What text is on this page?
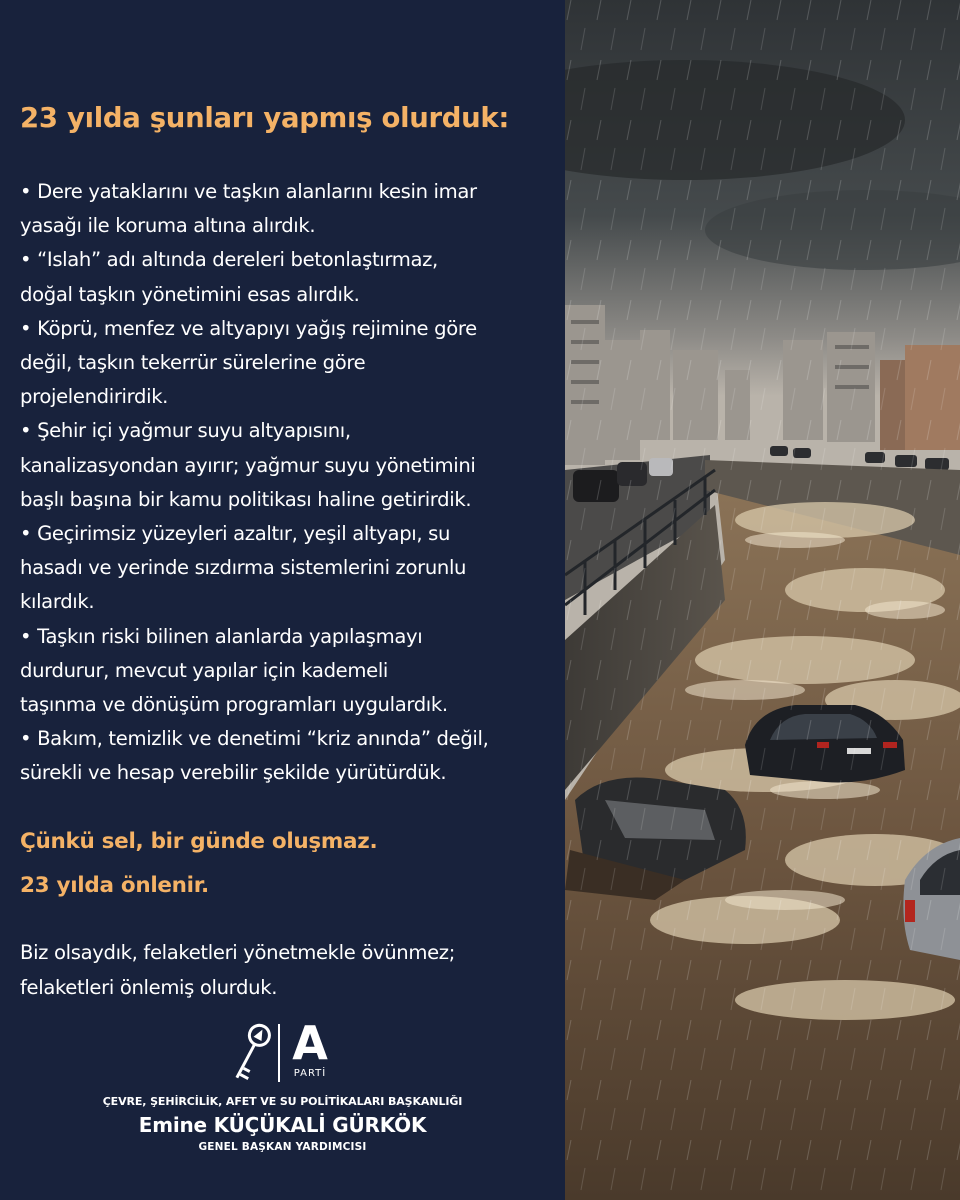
23 yılda şunları yapmış olurduk:
• Dere yataklarını ve taşkın alanlarını kesin imar
yasağı ile koruma altına alırdık.
• “Islah” adı altında dereleri betonlaştırmaz,
doğal taşkın yönetimini esas alırdık.
• Köprü, menfez ve altyapıyı yağış rejimine göre
değil, taşkın tekerrür sürelerine göre
projelendirirdik.
• Şehir içi yağmur suyu altyapısını,
kanalizasyondan ayırır; yağmur suyu yönetimini
başlı başına bir kamu politikası haline getirirdik.
• Geçirimsiz yüzeyleri azaltır, yeşil altyapı, su
hasadı ve yerinde sızdırma sistemlerini zorunlu
kılardık.
• Taşkın riski bilinen alanlarda yapılaşmayı
durdurur, mevcut yapılar için kademeli
taşınma ve dönüşüm programları uygulardık.
• Bakım, temizlik ve denetimi “kriz anında” değil,
sürekli ve hesap verebilir şekilde yürütürdük.
Çünkü sel, bir günde oluşmaz.
23 yılda önlenir.
Biz olsaydık, felaketleri yönetmekle övünmez;
felaketleri önlemiş olurduk.
A
PARTİ
ÇEVRE, ŞEHİRCİLİK, AFET VE SU POLİTİKALARI BAŞKANLIĞI
Emine KÜÇÜKALİ GÜRKÖK
GENEL BAŞKAN YARDIMCISI
